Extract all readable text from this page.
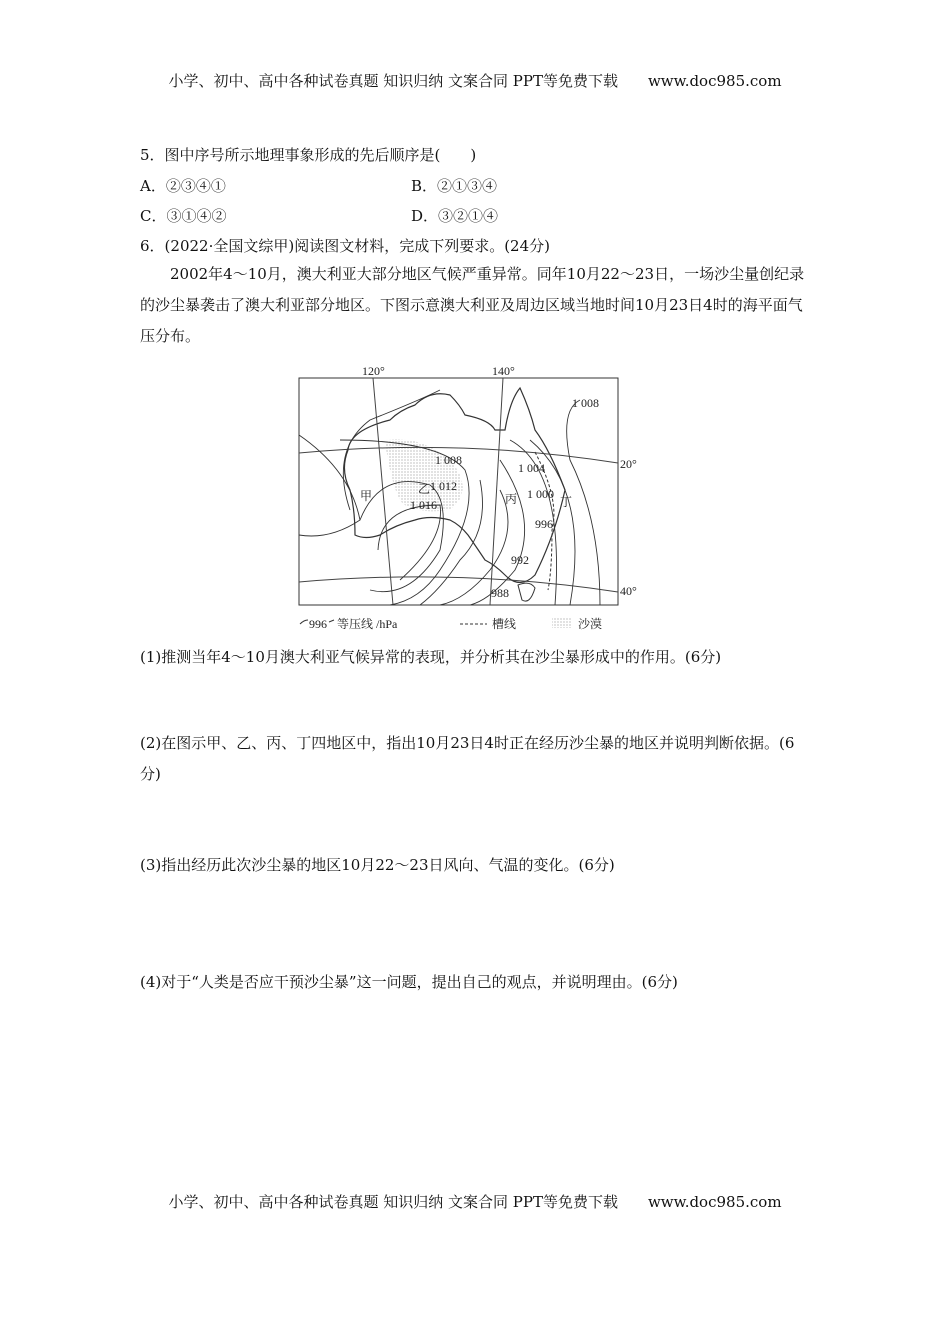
小学、初中、高中各种试卷真题 知识归纳 文案合同 PPT等免费下载 www.doc985.com
5．图中序号所示地理事象形成的先后顺序是(　　)
A．②③④①	B．②①③④
C．③①④②	D．③②①④
6．(2022·全国文综甲)阅读图文材料，完成下列要求。(24分)
2002年4～10月，澳大利亚大部分地区气候严重异常。同年10月22～23日，一场沙尘量创纪录的沙尘暴袭击了澳大利亚部分地区。下图示意澳大利亚及周边区域当地时间10月23日4时的海平面气压分布。
120°	140°
20°
40°
1 008
1 008
1 004
1 012
1 016
1 000
996
992
988
甲	乙
丙	丁
996 等压线 /hPa	槽线	沙漠
(1)推测当年4～10月澳大利亚气候异常的表现，并分析其在沙尘暴形成中的作用。(6分)
(2)在图示甲、乙、丙、丁四地区中，指出10月23日4时正在经历沙尘暴的地区并说明判断依据。(6分)
(3)指出经历此次沙尘暴的地区10月22～23日风向、气温的变化。(6分)
(4)对于“人类是否应干预沙尘暴”这一问题，提出自己的观点，并说明理由。(6分)
小学、初中、高中各种试卷真题 知识归纳 文案合同 PPT等免费下载 www.doc985.com
